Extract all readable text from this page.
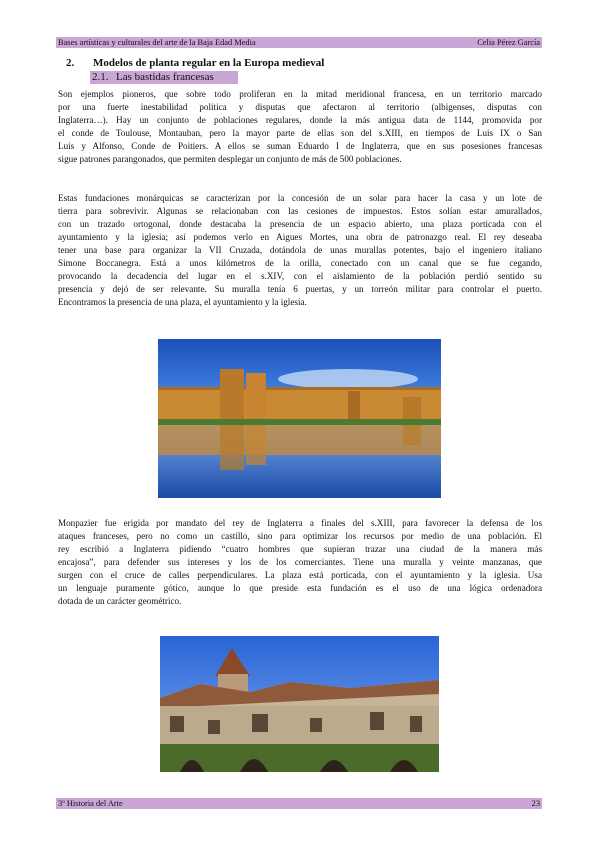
Bases artísticas y culturales del arte de la Baja Edad Media	Celia Pérez García
2. Modelos de planta regular en la Europa medieval
2.1. Las bastidas francesas
Son ejemplos pioneros, que sobre todo proliferan en la mitad meridional francesa, en un territorio marcado
por una fuerte inestabilidad política y disputas que afectaron al territorio (albigenses, disputas con
Inglaterra…). Hay un conjunto de poblaciones regulares, donde la más antigua data de 1144, promovida por
el conde de Toulouse, Montauban, pero la mayor parte de ellas son del s.XIII, en tiempos de Luis IX o San
Luis y Alfonso, Conde de Poitiers. A ellos se suman Eduardo I de Inglaterra, que en sus posesiones francesas
sigue patrones parangonados, que permiten desplegar un conjunto de más de 500 poblaciones.
Estas fundaciones monárquicas se caracterizan por la concesión de un solar para hacer la casa y un lote de
tierra para sobrevivir. Algunas se relacionaban con las cesiones de impuestos. Estos solían estar amurallados,
con un trazado ortogonal, donde destacaba la presencia de un espacio abierto, una plaza porticada con el
ayuntamiento y la iglesia; así podemos verlo en Aigues Mortes, una obra de patronazgo real. El rey deseaba
tener una base para organizar la VII Cruzada, dotándola de unas murallas potentes, bajo el ingeniero italiano
Simone Boccanegra. Está a unos kilómetros de la orilla, conectado con un canal que se fue cegando,
provocando la decadencia del lugar en el s.XIV, con el aislamiento de la población perdió sentido su
presencia y dejó de ser relevante. Su muralla tenía 6 puertas, y un torreón militar para controlar el puerto.
Encontramos la presencia de una plaza, el ayuntamiento y la iglesia.
Monpazier fue erigida por mandato del rey de Inglaterra a finales del s.XIII, para favorecer la defensa de los
ataques franceses, pero no como un castillo, sino para optimizar los recursos por medio de una población. El
rey escribió a Inglaterra pidiendo “cuatro hombres que supieran trazar una ciudad de la manera más
encajosa”, para defender sus intereses y los de los comerciantes. Tiene una muralla y veinte manzanas, que
surgen con el cruce de calles perpendiculares. La plaza está porticada, con el ayuntamiento y la iglesia. Usa
un lenguaje puramente gótico, aunque lo que preside esta fundación es el uso de una lógica ordenadora
dotada de un carácter geométrico.
3º Historia del Arte	23
